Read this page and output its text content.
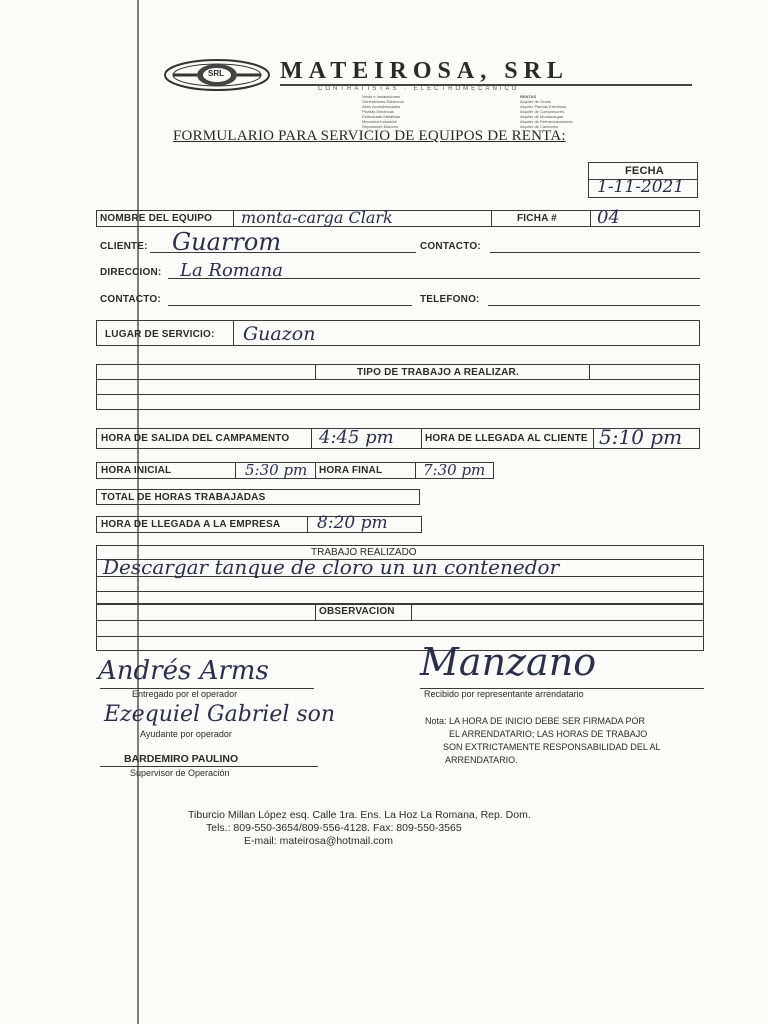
SRL MATEIROSA, SRL
CONTRATISTAS · ELECTROMECANICO
Venta e Instalaciones
Generadores Eléctricos
Aires Acondicionados
Plantas Eléctricas
Estructuras Metálicas
Mecánica Industrial
Reparación Motores
RENTAS
Alquiler de Grúas
Alquiler Plantas Eléctricas
Alquiler de Compresores
Alquiler de Montacargas
Alquiler de Retroexcavadoras
Alquiler de Camiones
FORMULARIO PARA SERVICIO DE EQUIPOS DE RENTA:
FECHA
1-11-2021
NOMBRE DEL EQUIPO monta-carga Clark	FICHA # 04
CLIENTE: Guarrom	CONTACTO:
DIRECCION: La Romana
CONTACTO:	TELEFONO:
LUGAR DE SERVICIO: Guazon
TIPO DE TRABAJO A REALIZAR.
HORA DE SALIDA DEL CAMPAMENTO 4:45 pm	HORA DE LLEGADA AL CLIENTE 5:10 pm
HORA INICIAL	5:30 pm HORA FINAL	7:30 pm
TOTAL DE HORAS TRABAJADAS
HORA DE LLEGADA A LA EMPRESA 8:20 pm
TRABAJO REALIZADO
Descargar tanque de cloro un un contenedor
OBSERVACION
Andrés Arms
Entregado por el operador
Ezequiel Gabriel son
Ayudante por operador
BARDEMIRO PAULINO
Supervisor de Operación
Manzano
Recibido por representante arrendatario
Nota: LA HORA DE INICIO DEBE SER FIRMADA POR
EL ARRENDATARIO; LAS HORAS DE TRABAJO
SON EXTRICTAMENTE RESPONSABILIDAD DEL AL
ARRENDATARIO.
Tiburcio Millan López esq. Calle 1ra. Ens. La Hoz La Romana, Rep. Dom.
Tels.: 809-550-3654/809-556-4128. Fax: 809-550-3565
E-mail: mateirosa@hotmail.com
